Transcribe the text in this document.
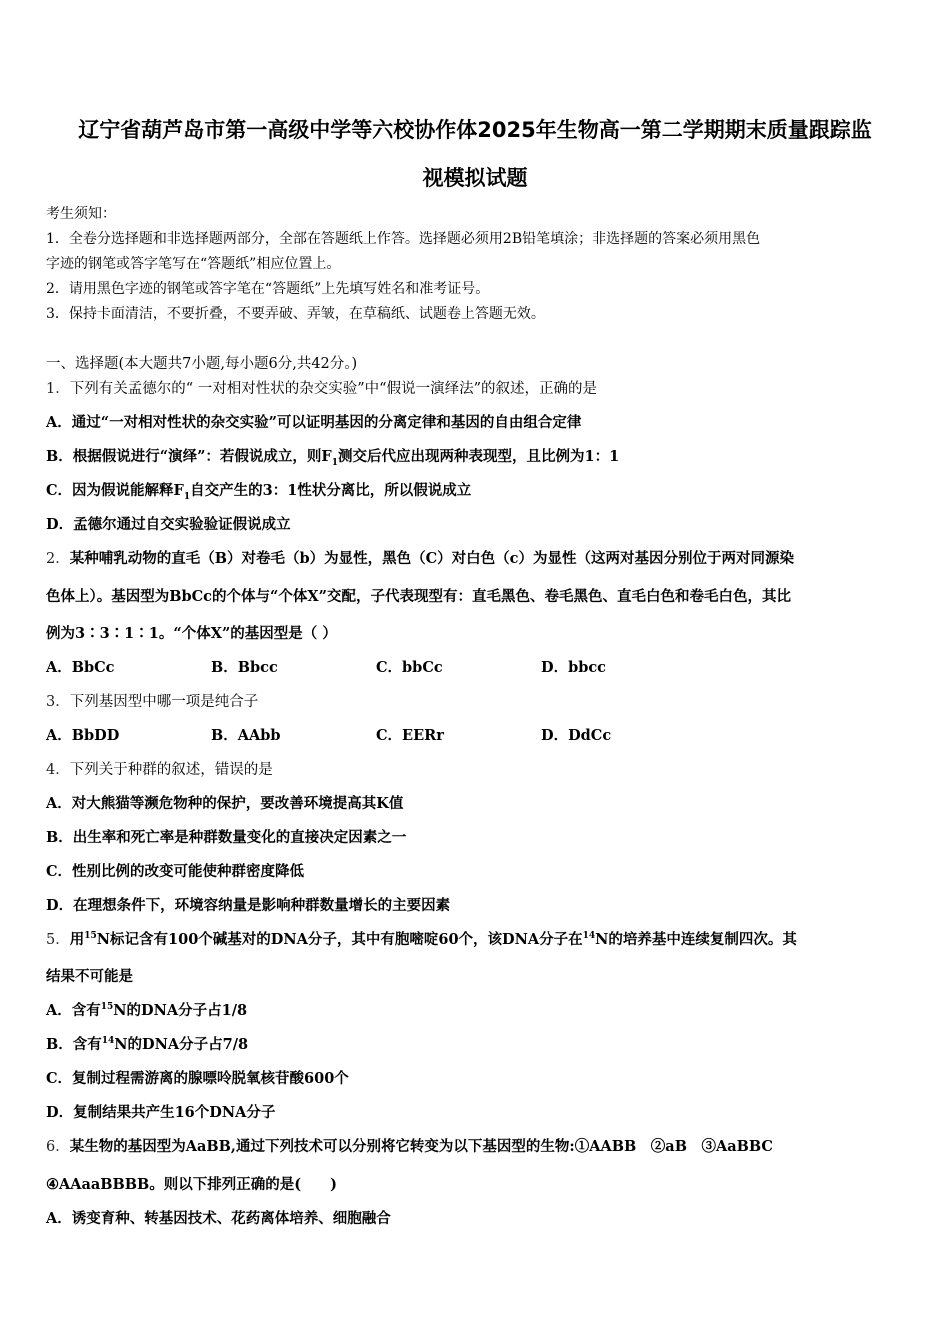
辽宁省葫芦岛市第一高级中学等六校协作体2025年生物高一第二学期期末质量跟踪监
视模拟试题
考生须知：
1．全卷分选择题和非选择题两部分，全部在答题纸上作答。选择题必须用2B铅笔填涂；非选择题的答案必须用黑色
字迹的钢笔或答字笔写在“答题纸”相应位置上。
2．请用黑色字迹的钢笔或答字笔在“答题纸”上先填写姓名和准考证号。
3．保持卡面清洁，不要折叠，不要弄破、弄皱，在草稿纸、试题卷上答题无效。
一、选择题(本大题共7小题,每小题6分,共42分。)
1．下列有关孟德尔的“ 一对相对性状的杂交实验”中“假说一演绎法”的叙述，正确的是
A．通过“一对相对性状的杂交实验”可以证明基因的分离定律和基因的自由组合定律
B．根据假说进行“演绎”：若假说成立，则$F_1$测交后代应出现两种表现型，且比例为1：1
C．因为假说能解释$F_1$自交产生的3：1性状分离比，所以假说成立
D．孟德尔通过自交实验验证假说成立
2．某种哺乳动物的直毛（B）对卷毛（b）为显性，黑色（C）对白色（c）为显性（这两对基因分别位于两对同源染
色体上）。基因型为BbCc的个体与“个体X”交配，子代表现型有：直毛黑色、卷毛黑色、直毛白色和卷毛白色，其比
例为3∶3∶1∶1。“个体X”的基因型是（ ）
A．BbCc	B．Bbcc	C．bbCc	D．bbcc
3．下列基因型中哪一项是纯合子
A．BbDD	B．AAbb	C．EERr	D．DdCc
4．下列关于种群的叙述，错误的是
A．对大熊猫等濒危物种的保护，要改善环境提高其K值
B．出生率和死亡率是种群数量变化的直接决定因素之一
C．性别比例的改变可能使种群密度降低
D．在理想条件下，环境容纳量是影响种群数量增长的主要因素
5．用$^{15}$N标记含有100个碱基对的DNA分子，其中有胞嘧啶60个，该DNA分子在$^{14}$N的培养基中连续复制四次。其
结果不可能是
A．含有$^{15}$N的DNA分子占1/8
B．含有$^{14}$N的DNA分子占7/8
C．复制过程需游离的腺嘌呤脱氧核苷酸600个
D．复制结果共产生16个DNA分子
6．某生物的基因型为AaBB,通过下列技术可以分别将它转变为以下基因型的生物:①AABB　②aB　③AaBBC
④AAaaBBBB。则以下排列正确的是(　　)
A．诱变育种、转基因技术、花药离体培养、细胞融合
